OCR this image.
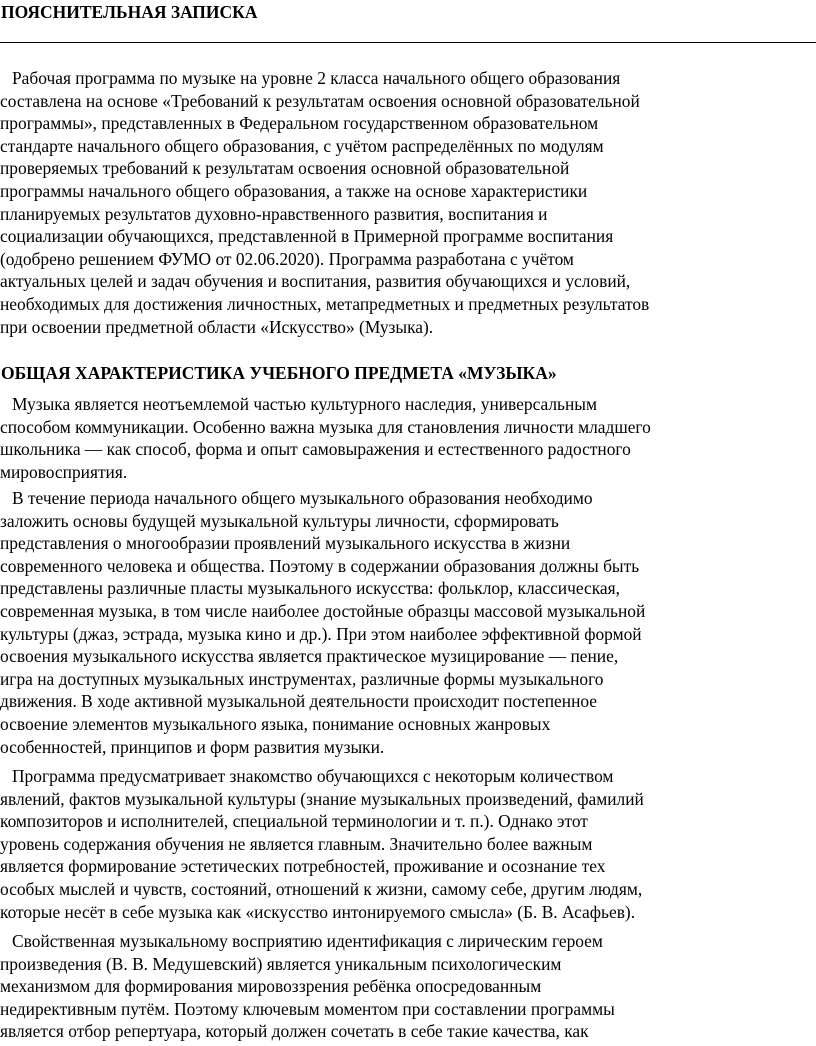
ПОЯСНИТЕЛЬНАЯ ЗАПИСКА

Рабочая программа по музыке на уровне 2 класса начального общего образования
составлена на основе «Требований к результатам освоения основной образовательной
программы», представленных в Федеральном государственном образовательном
стандарте начального общего образования, с учётом распределённых по модулям
проверяемых требований к результатам освоения основной образовательной
программы начального общего образования, а также на основе характеристики
планируемых результатов духовно-нравственного развития, воспитания и
социализации обучающихся, представленной в Примерной программе воспитания
(одобрено решением ФУМО от 02.06.2020). Программа разработана с учётом
актуальных целей и задач обучения и воспитания, развития обучающихся и условий,
необходимых для достижения личностных, метапредметных и предметных результатов
при освоении предметной области «Искусство» (Музыка).

ОБЩАЯ ХАРАКТЕРИСТИКА УЧЕБНОГО ПРЕДМЕТА «МУЗЫКА»

Музыка является неотъемлемой частью культурного наследия, универсальным
способом коммуникации. Особенно важна музыка для становления личности младшего
школьника — как способ, форма и опыт самовыражения и естественного радостного
мировосприятия.

В течение периода начального общего музыкального образования необходимо
заложить основы будущей музыкальной культуры личности, сформировать
представления о многообразии проявлений музыкального искусства в жизни
современного человека и общества. Поэтому в содержании образования должны быть
представлены различные пласты музыкального искусства: фольклор, классическая,
современная музыка, в том числе наиболее достойные образцы массовой музыкальной
культуры (джаз, эстрада, музыка кино и др.). При этом наиболее эффективной формой
освоения музыкального искусства является практическое музицирование — пение,
игра на доступных музыкальных инструментах, различные формы музыкального
движения. В ходе активной музыкальной деятельности происходит постепенное
освоение элементов музыкального языка, понимание основных жанровых
особенностей, принципов и форм развития музыки.

Программа предусматривает знакомство обучающихся с некоторым количеством
явлений, фактов музыкальной культуры (знание музыкальных произведений, фамилий
композиторов и исполнителей, специальной терминологии и т. п.). Однако этот
уровень содержания обучения не является главным. Значительно более важным
является формирование эстетических потребностей, проживание и осознание тех
особых мыслей и чувств, состояний, отношений к жизни, самому себе, другим людям,
которые несёт в себе музыка как «искусство интонируемого смысла» (Б. В. Асафьев).

Свойственная музыкальному восприятию идентификация с лирическим героем
произведения (В. В. Медушевский) является уникальным психологическим
механизмом для формирования мировоззрения ребёнка опосредованным
недирективным путём. Поэтому ключевым моментом при составлении программы
является отбор репертуара, который должен сочетать в себе такие качества, как
